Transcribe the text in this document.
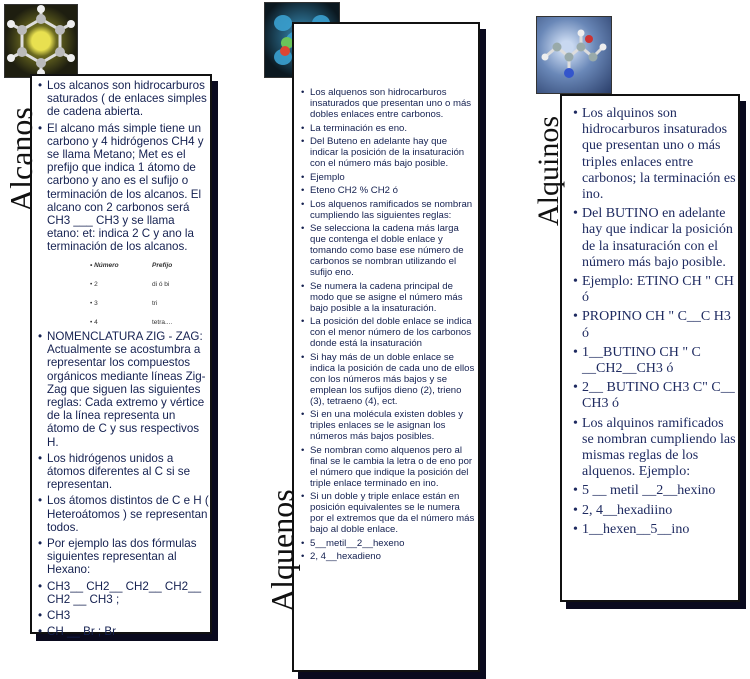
• Los alcanos son hidrocarburos saturados ( de enlaces simples de cadena abierta.
• El alcano más simple tiene un carbono y 4 hidrógenos CH4 y se llama Metano; Met es el prefijo que indica 1 átomo de carbono y ano es el sufijo o terminación de los alcanos. El alcano con 2 carbonos será CH3 ___ CH3 y se llama etano: et: indica 2 C y ano la terminación de los alcanos.
Alcanos
• Número	Prefijo
• 2	di ó bi
• 3	tri
• 4	tetra....
• NOMENCLATURA ZIG - ZAG: Actualmente se acostumbra a representar los compuestos orgánicos mediante líneas Zig-Zag que siguen las siguientes reglas: Cada extremo y vértice de la línea representa un átomo de C y sus respectivos H.
• Los hidrógenos unidos a átomos diferentes al C si se representan.
• Los átomos distintos de C e H ( Heteroátomos ) se representan todos.
• Por ejemplo las dos fórmulas siguientes representan al Hexano:
• CH3__ CH2__ CH2__ CH2__ CH2 __ CH3 ;
• CH3
• CH __ Br ; Br
• Los alquenos son hidrocarburos insaturados que presentan uno o más dobles enlaces entre carbonos.
• La terminación es eno.
• Del Buteno en adelante hay que indicar la posición de la insaturación con el número más bajo posible.
• Ejemplo
• Eteno CH2 % CH2 ó
• Los alquenos ramificados se nombran cumpliendo las siguientes reglas:
• Se selecciona la cadena más larga que contenga el doble enlace y tomando como base ese número de carbonos se nombran utilizando el sufijo eno.
• Se numera la cadena principal de modo que se asigne el número más bajo posible a la insaturación.
• La posición del doble enlace se indica con el menor número de los carbonos donde está la insaturación
• Si hay más de un doble enlace se indica la posición de cada uno de ellos con los números más bajos y se emplean los sufijos dieno (2), trieno (3), tetraeno (4), ect.
• Si en una molécula existen dobles y triples enlaces se le asignan los números más bajos posibles.
• Se nombran como alquenos pero al final se le cambia la letra o de eno por el número que indique la posición del triple enlace terminado en ino.
• Si un doble y triple enlace están en posición equivalentes se le numera por el extremos que da el número más bajo al doble enlace.
• 5__metil__2__hexeno
• 2, 4__hexadieno
Alquenos
• Los alquinos son hidrocarburos insaturados que presentan uno o más triples enlaces entre carbonos; la terminación es ino.
• Del BUTINO en adelante hay que indicar la posición de la insaturación con el número más bajo posible.
• Ejemplo: ETINO CH " CH ó
• PROPINO CH " C__C H3 ó
• 1__BUTINO CH " C __CH2__CH3 ó
• 2__ BUTINO CH3 C" C__ CH3 ó
• Los alquinos ramificados se nombran cumpliendo las mismas reglas de los alquenos. Ejemplo:
• 5 __ metil __2__hexino
• 2, 4__hexadiino
• 1__hexen__5__ino
Alquinos
